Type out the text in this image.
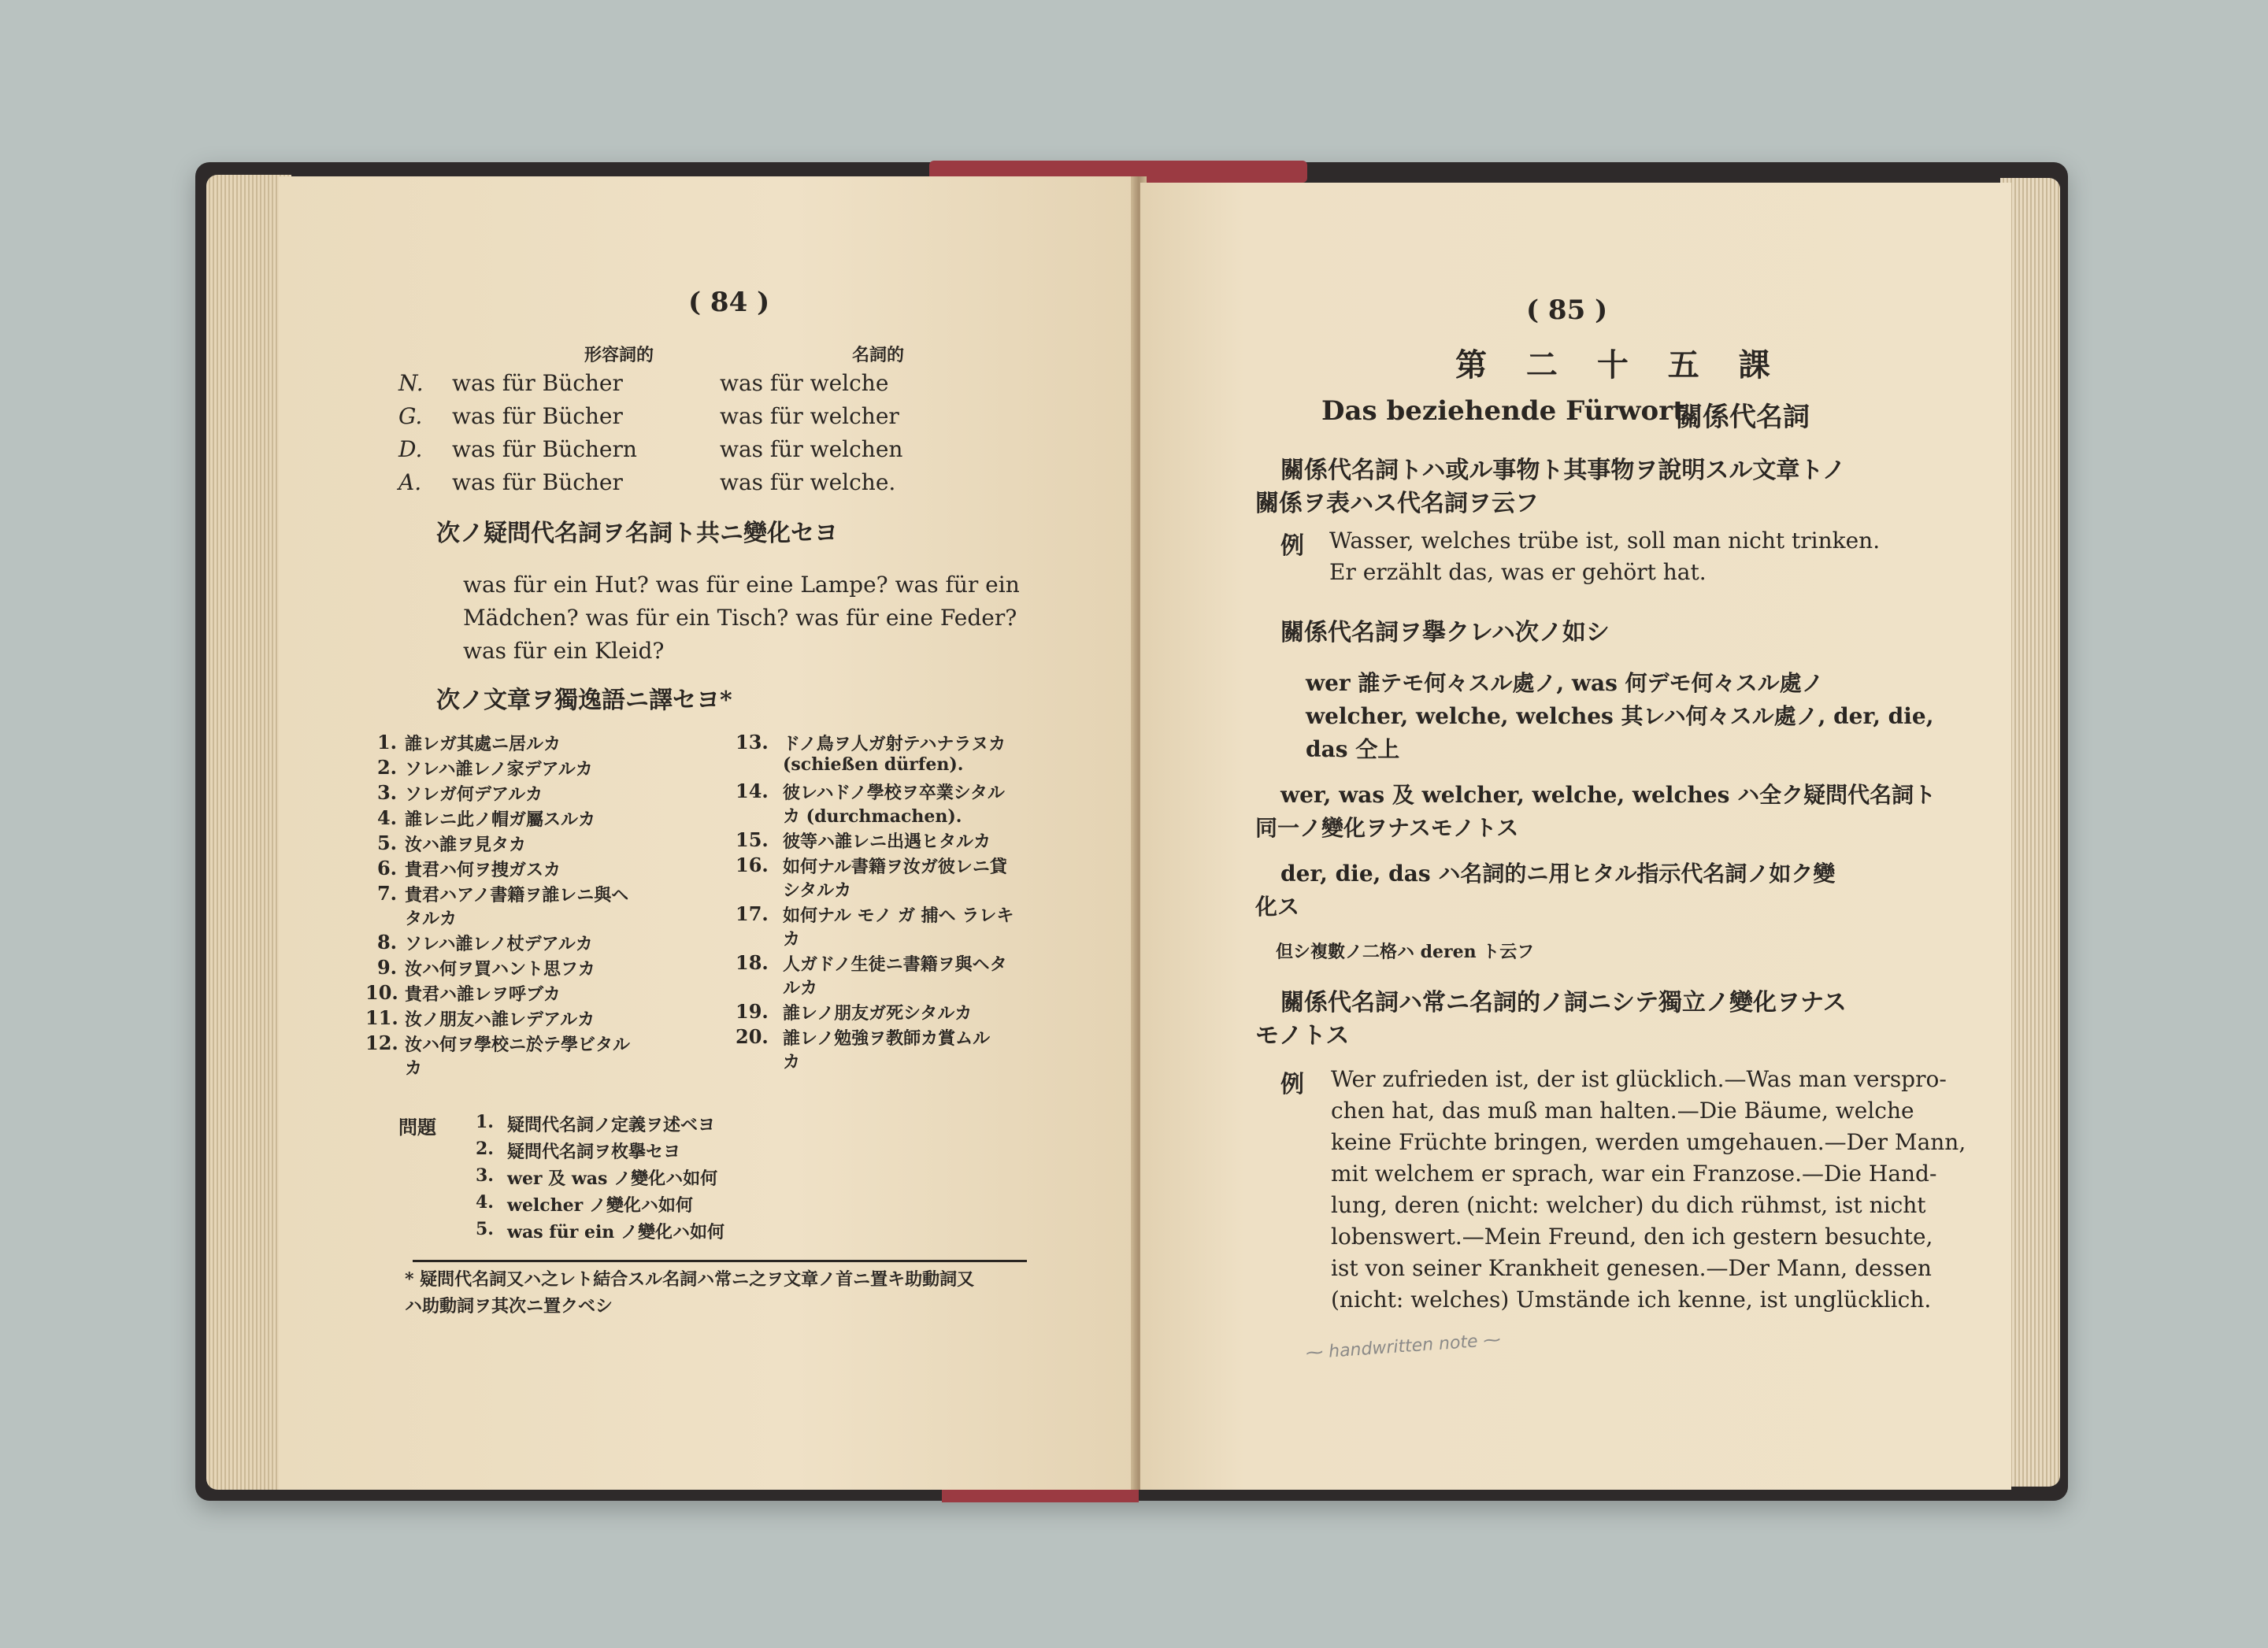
( 84 )
形容詞的	名詞的
N. was für Bücher	was für welche
G. was für Bücher	was für welcher
D. was für Büchern	was für welchen
A. was für Bücher	was für welche.
次ノ疑問代名詞ヲ名詞ト共ニ變化セヨ
was für ein Hut? was für eine Lampe? was für ein
Mädchen? was für ein Tisch? was für eine Feder?
was für ein Kleid?
次ノ文章ヲ獨逸語ニ譯セヨ*
1. 誰レガ其處ニ居ルカ
2. ソレハ誰レノ家デアルカ
3. ソレガ何デアルカ
4. 誰レニ此ノ帽ガ屬スルカ
5. 汝ハ誰ヲ見タカ
6. 貴君ハ何ヲ捜ガスカ
7. 貴君ハアノ書籍ヲ誰レニ與ヘ
タルカ
8. ソレハ誰レノ杖デアルカ
9. 汝ハ何ヲ買ハント思フカ
10. 貴君ハ誰レヲ呼ブカ
11. 汝ノ朋友ハ誰レデアルカ
12. 汝ハ何ヲ學校ニ於テ學ビタル
カ
13. ドノ鳥ヲ人ガ射テハナラヌカ
(schießen dürfen).
14. 彼レハドノ學校ヲ卒業シタル
カ (durchmachen).
15. 彼等ハ誰レニ出遇ヒタルカ
16. 如何ナル書籍ヲ汝ガ彼レニ貸
シタルカ
17. 如何ナル モノ ガ 捕ヘ ラレキ
カ
18. 人ガドノ生徒ニ書籍ヲ與ヘタ
ルカ
19. 誰レノ朋友ガ死シタルカ
20. 誰レノ勉強ヲ教師カ賞ムル
カ
問題 1. 疑問代名詞ノ定義ヲ述ベヨ
2. 疑問代名詞ヲ枚擧セヨ
3. wer 及 was ノ變化ハ如何
4. welcher ノ變化ハ如何
5. was für ein ノ變化ハ如何
* 疑問代名詞又ハ之レト結合スル名詞ハ常ニ之ヲ文章ノ首ニ置キ助動詞又
ハ助動詞ヲ其次ニ置クベシ
( 85 )
第 二 十 五 課
Das beziehende Fürwort
關係代名詞
關係代名詞トハ或ル事物ト其事物ヲ說明スル文章トノ
關係ヲ表ハス代名詞ヲ云フ
例 Wasser, welches trübe ist, soll man nicht trinken.
Er erzählt das, was er gehört hat.
關係代名詞ヲ擧クレハ次ノ如シ
wer 誰テモ何々スル處ノ, was 何デモ何々スル處ノ
welcher, welche, welches 其レハ何々スル處ノ, der, die,
das 仝上
wer, was 及 welcher, welche, welches ハ全ク疑問代名詞ト
同一ノ變化ヲナスモノトス
der, die, das ハ名詞的ニ用ヒタル指示代名詞ノ如ク變
化ス
但シ複數ノ二格ハ deren ト云フ
關係代名詞ハ常ニ名詞的ノ詞ニシテ獨立ノ變化ヲナス
モノトス
例 Wer zufrieden ist, der ist glücklich.—Was man verspro-
chen hat, das muß man halten.—Die Bäume, welche
keine Früchte bringen, werden umgehauen.—Der Mann,
mit welchem er sprach, war ein Franzose.—Die Hand-
lung, deren (nicht: welcher) du dich rühmst, ist nicht
lobenswert.—Mein Freund, den ich gestern besuchte,
ist von seiner Krankheit genesen.—Der Mann, dessen
(nicht: welches) Umstände ich kenne, ist unglücklich.
⁓ handwritten note ⁓
